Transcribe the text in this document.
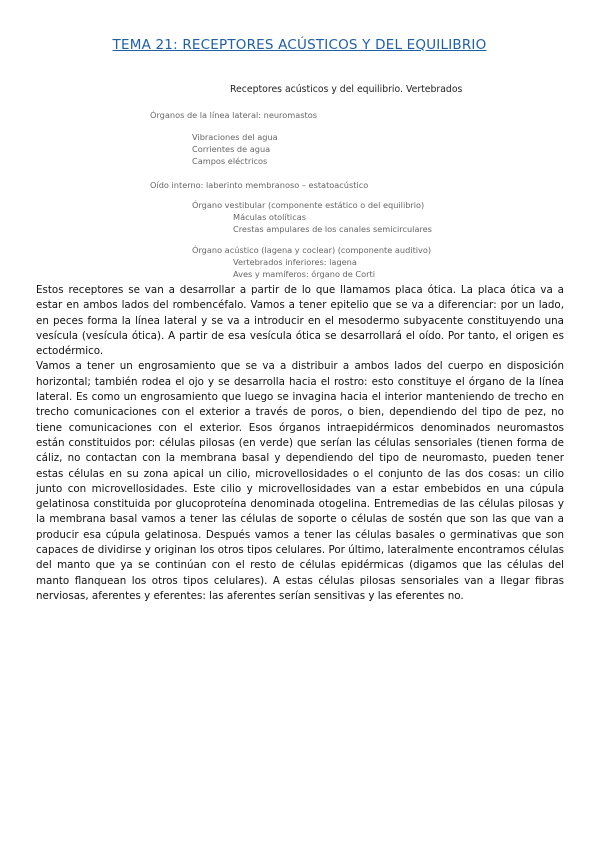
TEMA 21: RECEPTORES ACÚSTICOS Y DEL EQUILIBRIO
Receptores acústicos y del equilibrio. Vertebrados
Órganos de la línea lateral: neuromastos
Vibraciones del agua
Corrientes de agua
Campos eléctricos
Oído interno: laberinto membranoso – estatoacústico
Órgano vestibular (componente estático o del equilibrio)
Máculas otolíticas
Crestas ampulares de los canales semicirculares
Órgano acústico (lagena y coclear) (componente auditivo)
Vertebrados inferiores: lagena
Aves y mamíferos: órgano de Corti

Estos receptores se van a desarrollar a partir de lo que llamamos placa ótica. La placa ótica va a estar en ambos lados del rombencéfalo. Vamos a tener epitelio que se va a diferenciar: por un lado, en peces forma la línea lateral y se va a introducir en el mesodermo subyacente constituyendo una vesícula (vesícula ótica). A partir de esa vesícula ótica se desarrollará el oído. Por tanto, el origen es ectodérmico.

Vamos a tener un engrosamiento que se va a distribuir a ambos lados del cuerpo en disposición horizontal; también rodea el ojo y se desarrolla hacia el rostro: esto constituye el órgano de la línea lateral. Es como un engrosamiento que luego se invagina hacia el interior manteniendo de trecho en trecho comunicaciones con el exterior a través de poros, o bien, dependiendo del tipo de pez, no tiene comunicaciones con el exterior. Esos órganos intraepidérmicos denominados neuromastos están constituidos por: células pilosas (en verde) que serían las células sensoriales (tienen forma de cáliz, no contactan con la membrana basal y dependiendo del tipo de neuromasto, pueden tener estas células en su zona apical un cilio, microvellosidades o el conjunto de las dos cosas: un cilio junto con microvellosidades. Este cilio y microvellosidades van a estar embebidos en una cúpula gelatinosa constituida por glucoproteína denominada otogelina. Entremedias de las células pilosas y la membrana basal vamos a tener las células de soporte o células de sostén que son las que van a producir esa cúpula gelatinosa. Después vamos a tener las células basales o germinativas que son capaces de dividirse y originan los otros tipos celulares. Por último, lateralmente encontramos células del manto que ya se continúan con el resto de células epidérmicas (digamos que las células del manto flanquean los otros tipos celulares). A estas células pilosas sensoriales van a llegar fibras nerviosas, aferentes y eferentes: las aferentes serían sensitivas y las eferentes no.
